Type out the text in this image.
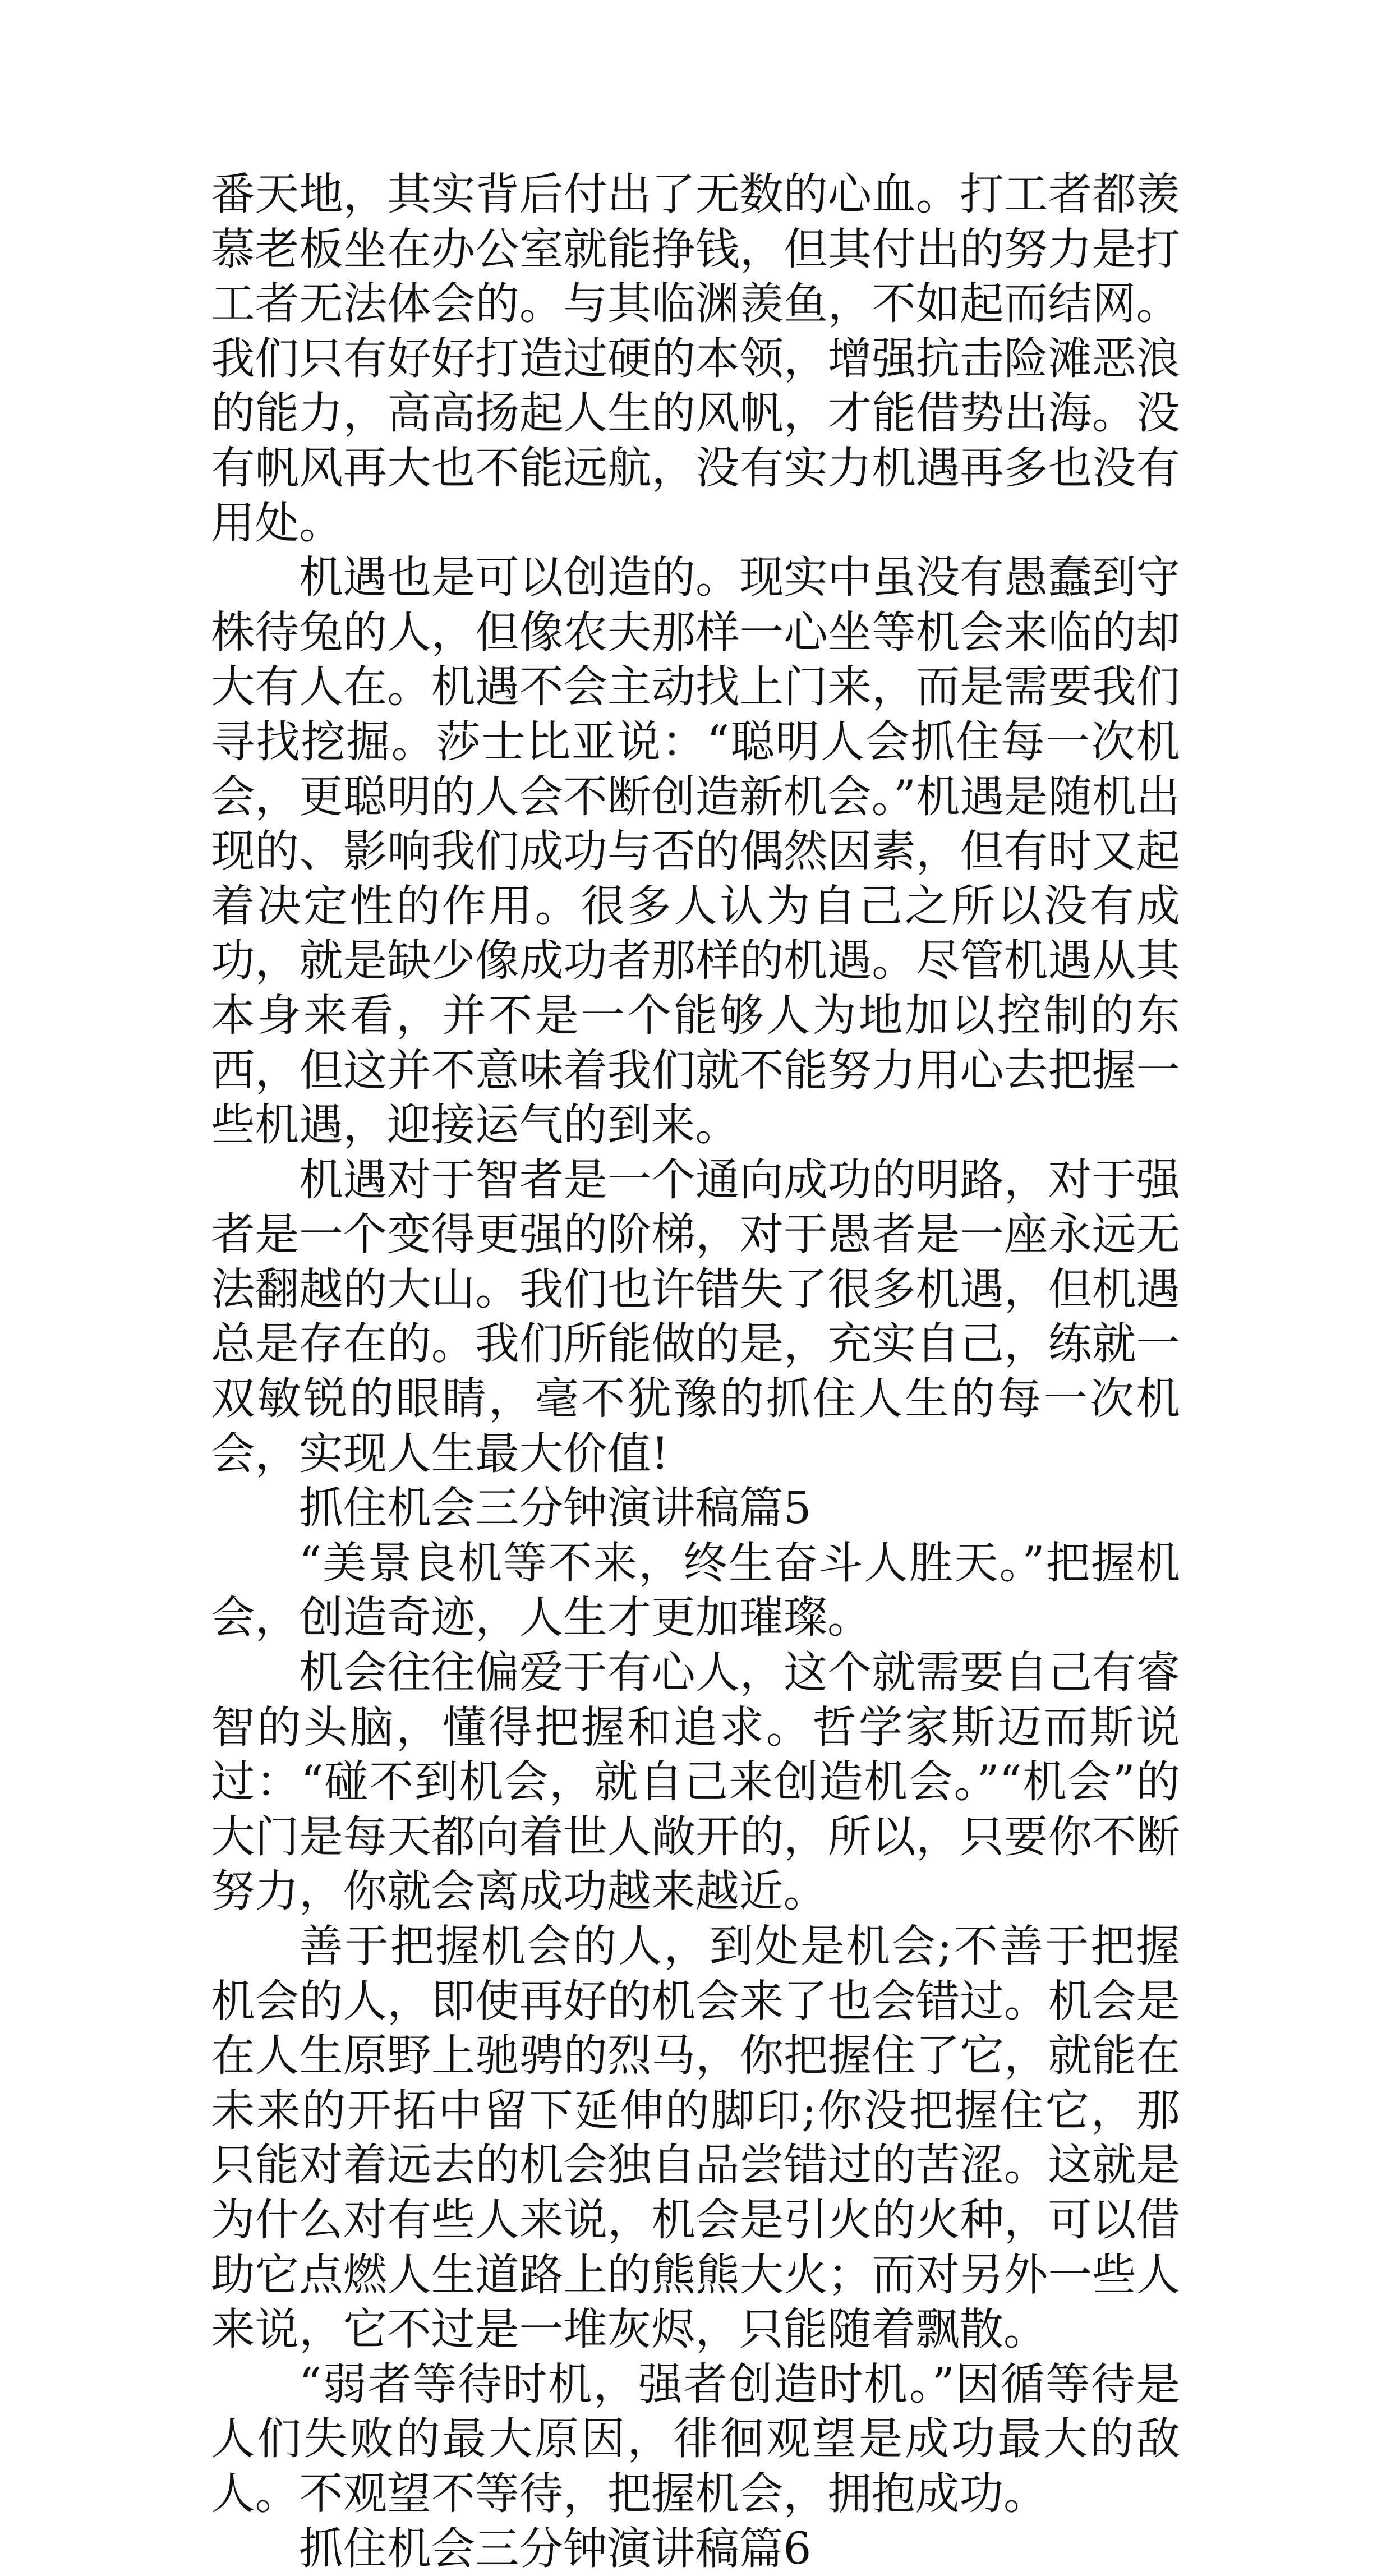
番天地，其实背后付出了无数的心血。打工者都羡慕老板坐在办公室就能挣钱，但其付出的努力是打工者无法体会的。与其临渊羡鱼，不如起而结网。我们只有好好打造过硬的本领，增强抗击险滩恶浪的能力，高高扬起人生的风帆，才能借势出海。没有帆风再大也不能远航，没有实力机遇再多也没有用处。

机遇也是可以创造的。现实中虽没有愚蠢到守株待兔的人，但像农夫那样一心坐等机会来临的却大有人在。机遇不会主动找上门来，而是需要我们寻找挖掘。莎士比亚说：“聪明人会抓住每一次机会，更聪明的人会不断创造新机会。”机遇是随机出现的、影响我们成功与否的偶然因素，但有时又起着决定性的作用。很多人认为自己之所以没有成功，就是缺少像成功者那样的机遇。尽管机遇从其本身来看，并不是一个能够人为地加以控制的东西，但这并不意味着我们就不能努力用心去把握一些机遇，迎接运气的到来。

机遇对于智者是一个通向成功的明路，对于强者是一个变得更强的阶梯，对于愚者是一座永远无法翻越的大山。我们也许错失了很多机遇，但机遇总是存在的。我们所能做的是，充实自己，练就一双敏锐的眼睛，毫不犹豫的抓住人生的每一次机会，实现人生最大价值!

抓住机会三分钟演讲稿篇5

“美景良机等不来，终生奋斗人胜天。”把握机会，创造奇迹，人生才更加璀璨。

机会往往偏爱于有心人，这个就需要自己有睿智的头脑，懂得把握和追求。哲学家斯迈而斯说过：“碰不到机会，就自己来创造机会。”“机会”的大门是每天都向着世人敞开的，所以，只要你不断努力，你就会离成功越来越近。

善于把握机会的人，到处是机会;不善于把握机会的人，即使再好的机会来了也会错过。机会是在人生原野上驰骋的烈马，你把握住了它，就能在未来的开拓中留下延伸的脚印;你没把握住它，那只能对着远去的机会独自品尝错过的苦涩。这就是为什么对有些人来说，机会是引火的火种，可以借助它点燃人生道路上的熊熊大火；而对另外一些人来说，它不过是一堆灰烬，只能随着飘散。

“弱者等待时机，强者创造时机。”因循等待是人们失败的最大原因，徘徊观望是成功最大的敌人。不观望不等待，把握机会，拥抱成功。

抓住机会三分钟演讲稿篇6
